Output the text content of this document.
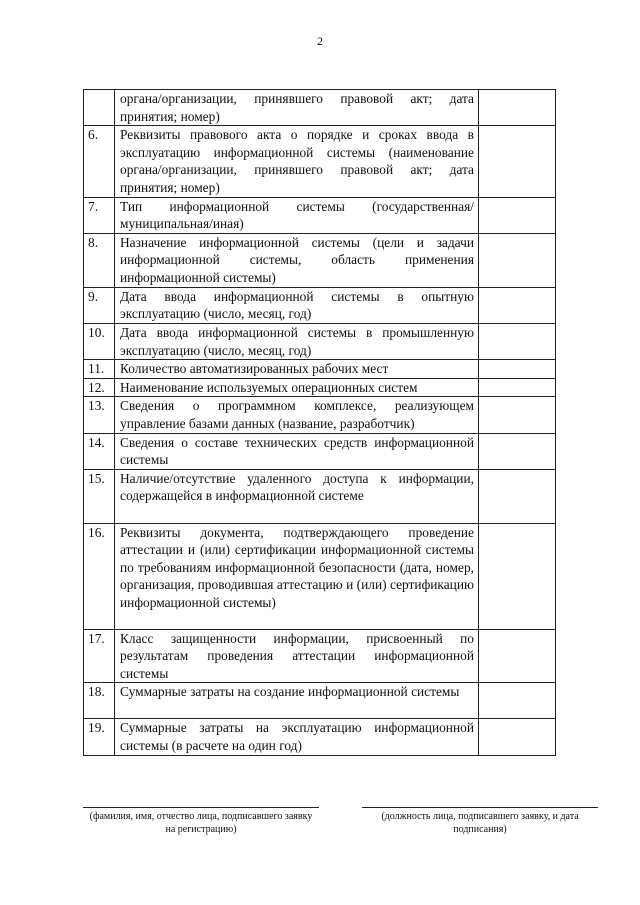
2
	органа/организации, принявшего правовой акт; дата принятия; номер)	
6.	Реквизиты правового акта о порядке и сроках ввода в эксплуатацию информационной системы (наименование органа/организации, принявшего правовой акт; дата принятия; номер)	
7.	Тип информационной системы (государственная/ муниципальная/иная)	
8.	Назначение информационной системы (цели и задачи информационной системы, область применения информационной системы)	
9.	Дата ввода информационной системы в опытную эксплуатацию (число, месяц, год)	
10.	Дата ввода информационной системы в промышленную эксплуатацию (число, месяц, год)	
11.	Количество автоматизированных рабочих мест	
12.	Наименование используемых операционных систем	
13.	Сведения о программном комплексе, реализующем управление базами данных (название, разработчик)	
14.	Сведения о составе технических средств информационной системы	
15.	Наличие/отсутствие удаленного доступа к информации, содержащейся в информационной системе	
16.	Реквизиты документа, подтверждающего проведение аттестации и (или) сертификации информационной системы по требованиям информационной безопасности (дата, номер, организация, проводившая аттестацию и (или) сертификацию информационной системы)	
17.	Класс защищенности информации, присвоенный по результатам проведения аттестации информационной системы	
18.	Суммарные затраты на создание информационной системы	
19.	Суммарные затраты на эксплуатацию информационной системы (в расчете на один год)	
(фамилия, имя, отчество лица, подписавшего заявку на регистрацию)
(должность лица, подписавшего заявку, и дата подписания)
